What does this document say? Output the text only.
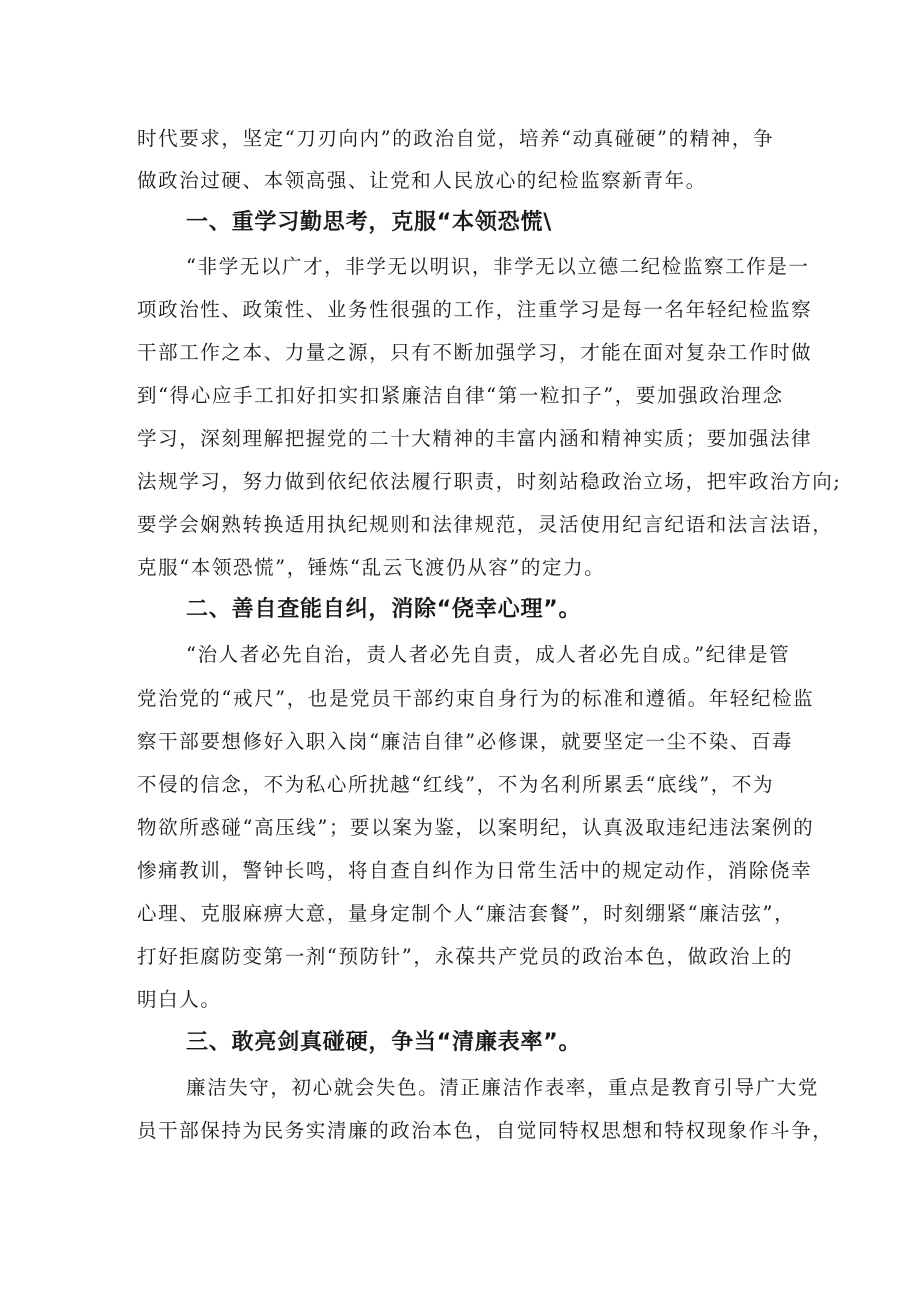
时代要求，坚定“刀刃向内”的政治自觉，培养“动真碰硬”的精神，争
做政治过硬、本领高强、让党和人民放心的纪检监察新青年。
一、重学习勤思考，克服“本领恐慌\
“非学无以广才，非学无以明识，非学无以立德二纪检监察工作是一
项政治性、政策性、业务性很强的工作，注重学习是每一名年轻纪检监察
干部工作之本、力量之源，只有不断加强学习，才能在面对复杂工作时做
到“得心应手工扣好扣实扣紧廉洁自律“第一粒扣子”，要加强政治理念
学习，深刻理解把握党的二十大精神的丰富内涵和精神实质；要加强法律
法规学习，努力做到依纪依法履行职责，时刻站稳政治立场，把牢政治方向;
要学会娴熟转换适用执纪规则和法律规范，灵活使用纪言纪语和法言法语，
克服“本领恐慌”，锤炼“乱云飞渡仍从容”的定力。
二、善自查能自纠，消除“侥幸心理”。
“治人者必先自治，责人者必先自责，成人者必先自成。”纪律是管
党治党的“戒尺”，也是党员干部约束自身行为的标准和遵循。年轻纪检监
察干部要想修好入职入岗“廉洁自律”必修课，就要坚定一尘不染、百毒
不侵的信念，不为私心所扰越“红线”，不为名利所累丢“底线”，不为
物欲所惑碰“高压线”；要以案为鉴，以案明纪，认真汲取违纪违法案例的
惨痛教训，警钟长鸣，将自查自纠作为日常生活中的规定动作，消除侥幸
心理、克服麻痹大意，量身定制个人“廉洁套餐”，时刻绷紧“廉洁弦”，
打好拒腐防变第一剂“预防针”，永葆共产党员的政治本色，做政治上的
明白人。
三、敢亮剑真碰硬，争当“清廉表率”。
廉洁失守，初心就会失色。清正廉洁作表率，重点是教育引导广大党
员干部保持为民务实清廉的政治本色，自觉同特权思想和特权现象作斗争，
